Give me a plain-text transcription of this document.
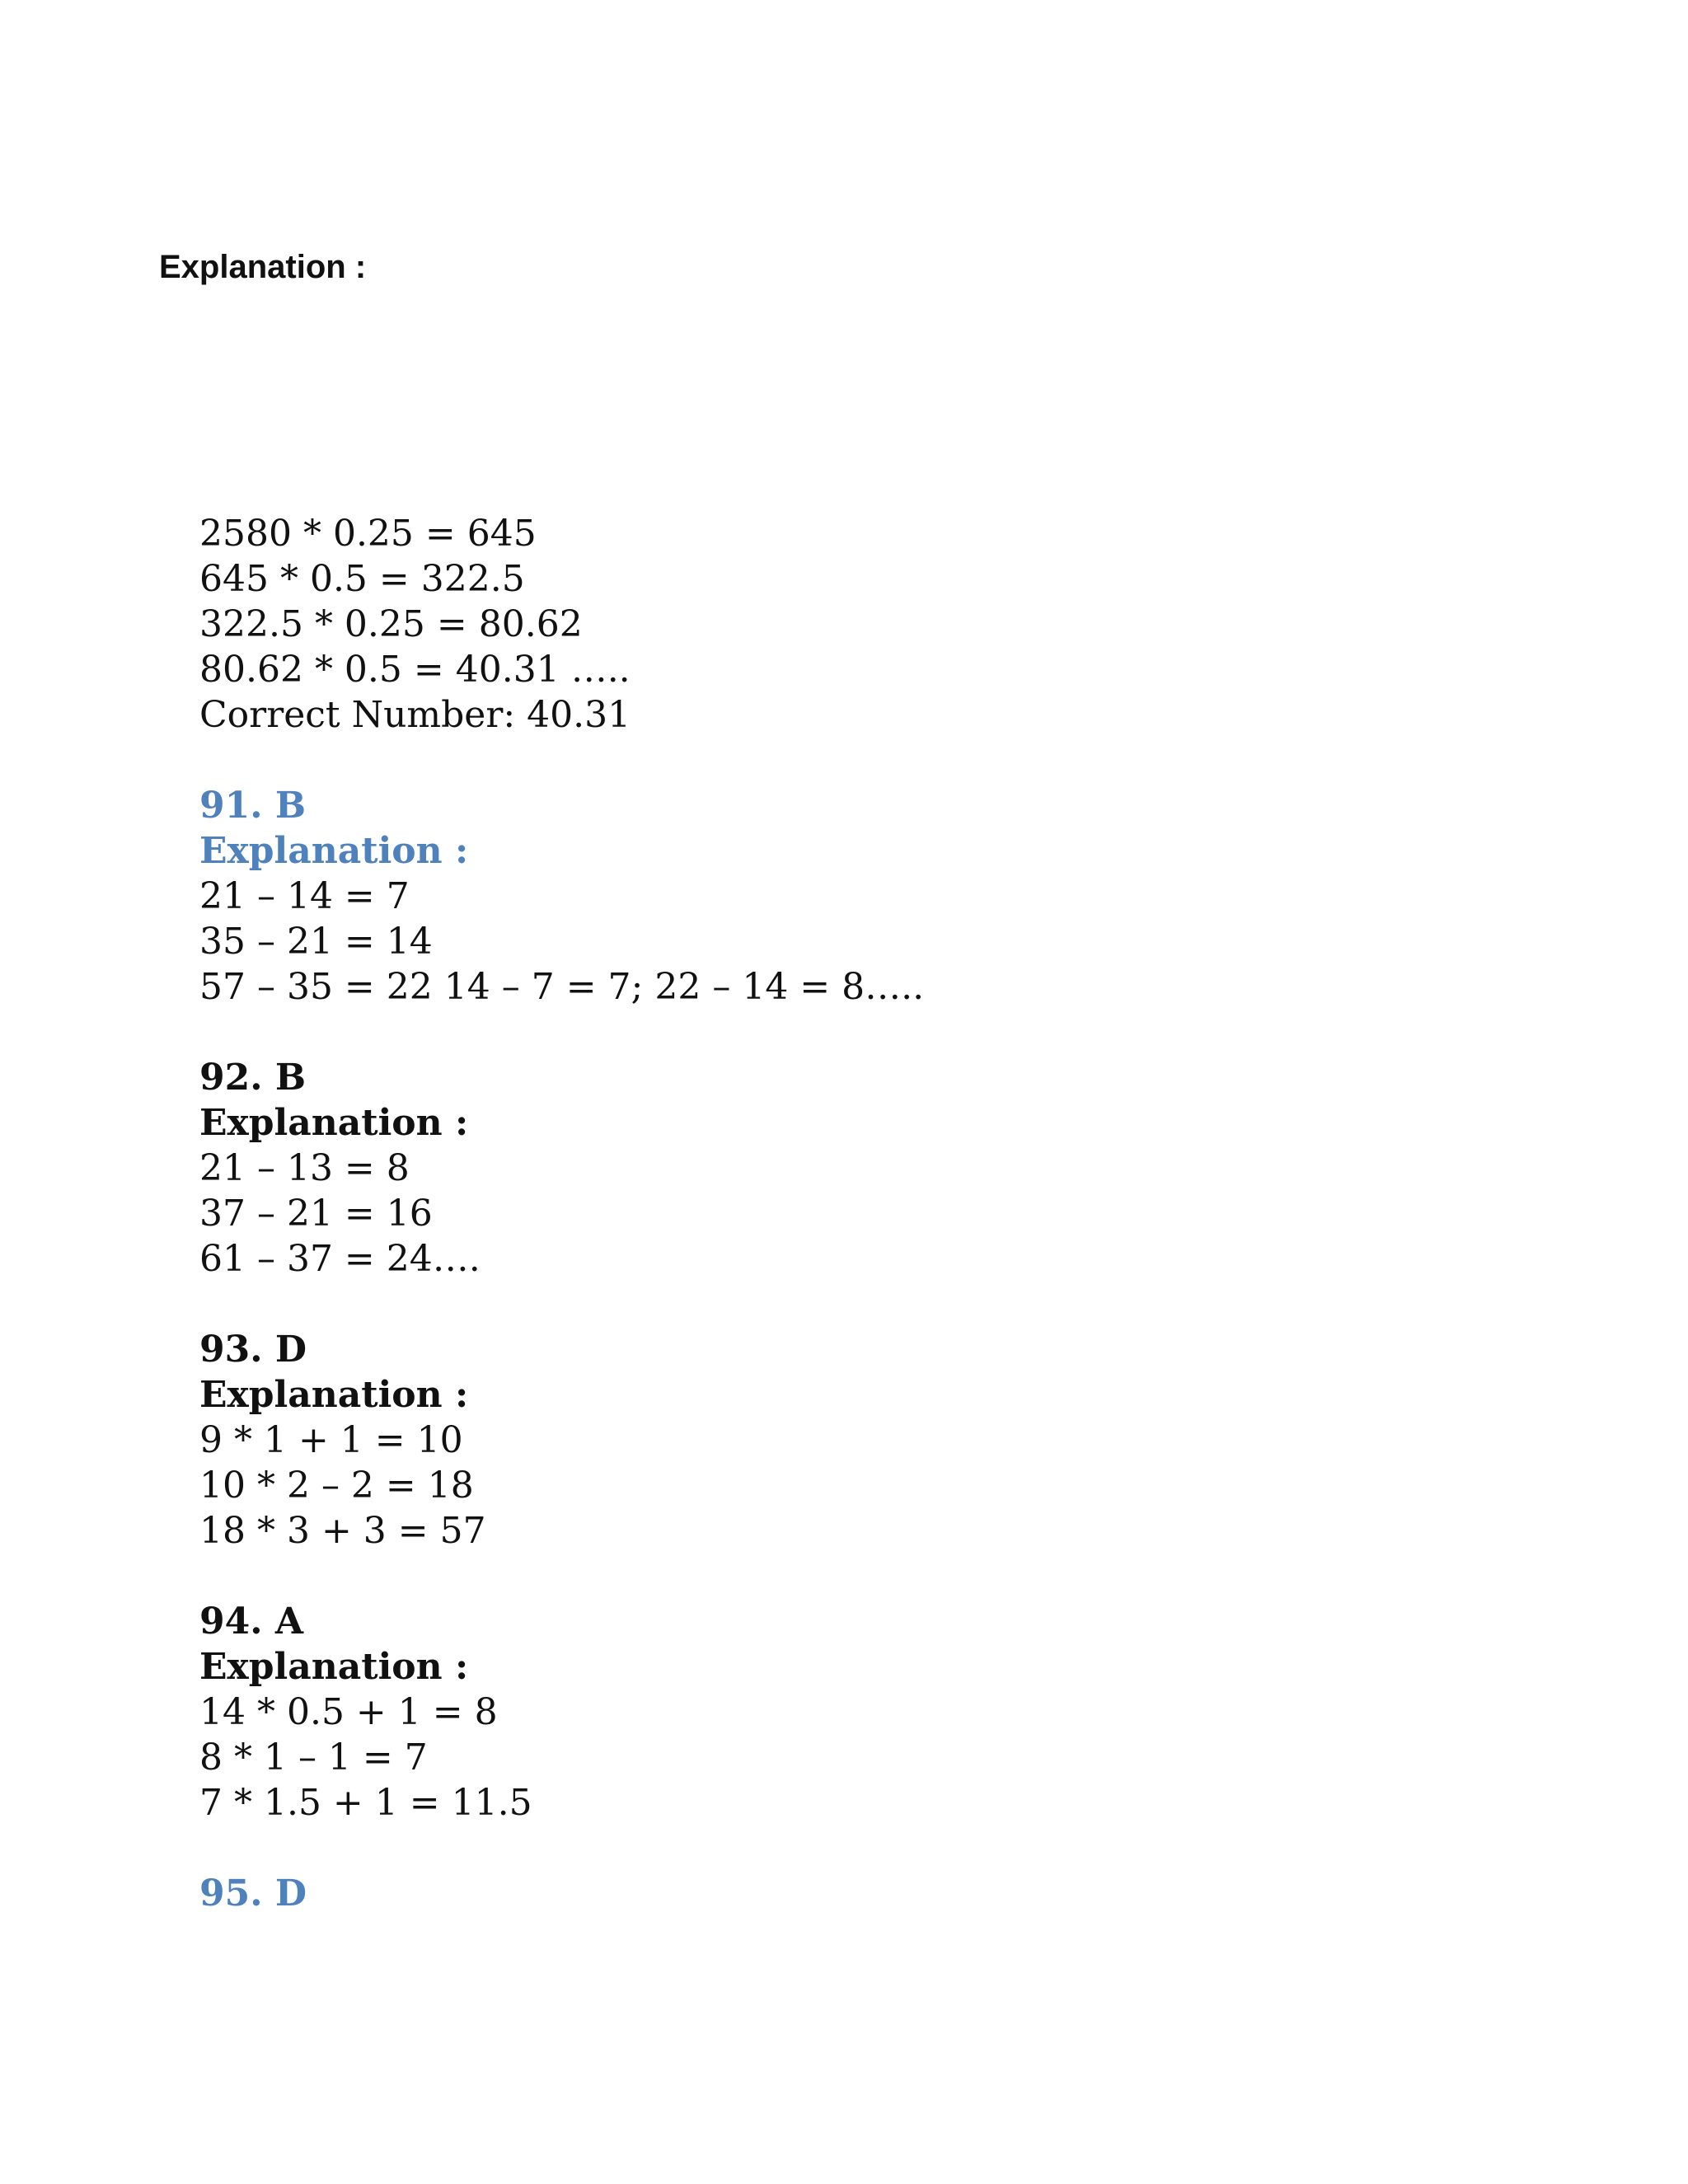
Explanation :
2580 * 0.25 = 645
645 * 0.5 = 322.5
322.5 * 0.25 = 80.62
80.62 * 0.5 = 40.31 …..
Correct Number: 40.31
91. B
Explanation :
21 – 14 = 7
35 – 21 = 14
57 – 35 = 22 14 – 7 = 7; 22 – 14 = 8…..
92. B
Explanation :
21 – 13 = 8
37 – 21 = 16
61 – 37 = 24….
93. D
Explanation :
9 * 1 + 1 = 10
10 * 2 – 2 = 18
18 * 3 + 3 = 57
94. A
Explanation :
14 * 0.5 + 1 = 8
8 * 1 – 1 = 7
7 * 1.5 + 1 = 11.5
95. D
